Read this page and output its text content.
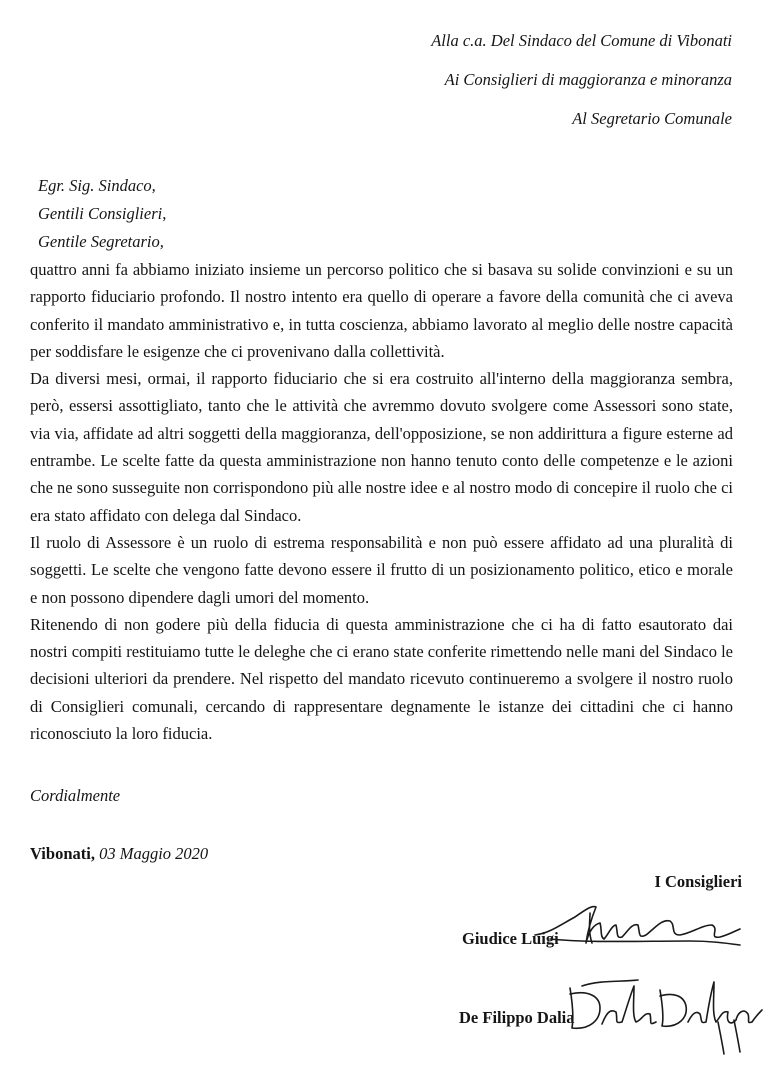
Alla c.a. Del Sindaco del Comune di Vibonati
Ai Consiglieri di maggioranza e minoranza
Al Segretario Comunale
Egr. Sig. Sindaco,
Gentili Consiglieri,
Gentile Segretario,

quattro anni fa abbiamo iniziato insieme un percorso politico che si basava su solide convinzioni e su un rapporto fiduciario profondo. Il nostro intento era quello di operare a favore della comunità che ci aveva conferito il mandato amministrativo e, in tutta coscienza, abbiamo lavorato al meglio delle nostre capacità per soddisfare le esigenze che ci provenivano dalla collettività.

Da diversi mesi, ormai, il rapporto fiduciario che si era costruito all'interno della maggioranza sembra, però, essersi assottigliato, tanto che le attività che avremmo dovuto svolgere come Assessori sono state, via via, affidate ad altri soggetti della maggioranza, dell'opposizione, se non addirittura a figure esterne ad entrambe. Le scelte fatte da questa amministrazione non hanno tenuto conto delle competenze e le azioni che ne sono susseguite non corrispondono più alle nostre idee e al nostro modo di concepire il ruolo che ci era stato affidato con delega dal Sindaco.

Il ruolo di Assessore è un ruolo di estrema responsabilità e non può essere affidato ad una pluralità di soggetti. Le scelte che vengono fatte devono essere il frutto di un posizionamento politico, etico e morale e non possono dipendere dagli umori del momento.

Ritenendo di non godere più della fiducia di questa amministrazione che ci ha di fatto esautorato dai nostri compiti restituiamo tutte le deleghe che ci erano state conferite rimettendo nelle mani del Sindaco le decisioni ulteriori da prendere. Nel rispetto del mandato ricevuto continueremo a svolgere il nostro ruolo di Consiglieri comunali, cercando di rappresentare degnamente le istanze dei cittadini che ci hanno riconosciuto la loro fiducia.

Cordialmente
Vibonati, 03 Maggio 2020
I Consiglieri
Giudice Luigi
De Filippo Dalia
